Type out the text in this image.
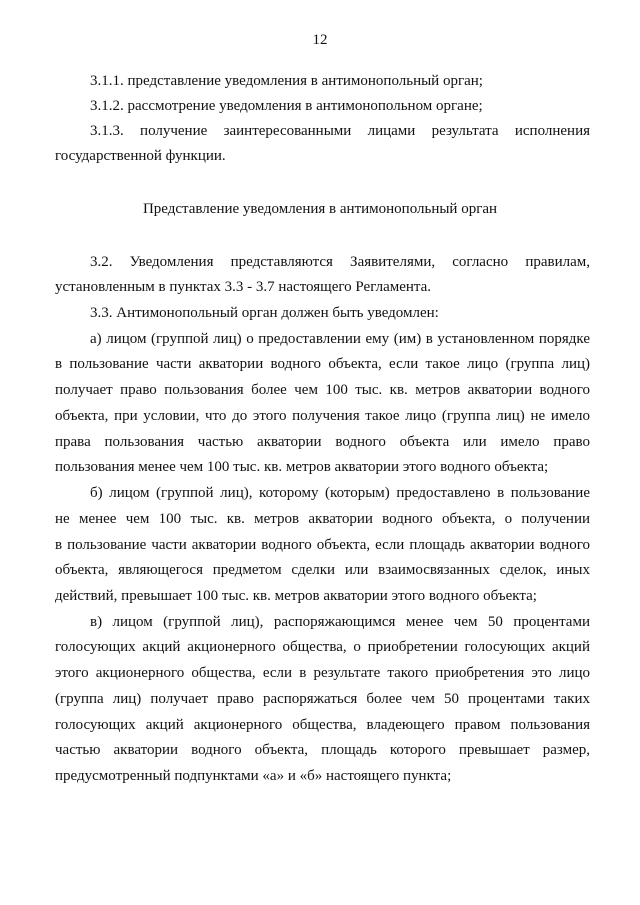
12
3.1.1. представление уведомления в антимонопольный орган;
3.1.2. рассмотрение уведомления в антимонопольном органе;
3.1.3. получение заинтересованными лицами результата исполнения
государственной функции.
Представление уведомления в антимонопольный орган
3.2. Уведомления представляются Заявителями, согласно правилам,
установленным в пунктах 3.3 - 3.7 настоящего Регламента.
3.3. Антимонопольный орган должен быть уведомлен:
а) лицом (группой лиц) о предоставлении ему (им) в установленном порядке
в пользование части акватории водного объекта, если такое лицо (группа лиц)
получает право пользования более чем 100 тыс. кв. метров акватории водного
объекта, при условии, что до этого получения такое лицо (группа лиц) не имело
права пользования частью акватории водного объекта или имело право
пользования менее чем 100 тыс. кв. метров акватории этого водного объекта;
б) лицом (группой лиц), которому (которым) предоставлено в пользование
не менее чем 100 тыс. кв. метров акватории водного объекта, о получении
в пользование части акватории водного объекта, если площадь акватории водного
объекта, являющегося предметом сделки или взаимосвязанных сделок, иных
действий, превышает 100 тыс. кв. метров акватории этого водного объекта;
в) лицом (группой лиц), распоряжающимся менее чем 50 процентами
голосующих акций акционерного общества, о приобретении голосующих акций
этого акционерного общества, если в результате такого приобретения это лицо
(группа лиц) получает право распоряжаться более чем 50 процентами таких
голосующих акций акционерного общества, владеющего правом пользования
частью акватории водного объекта, площадь которого превышает размер,
предусмотренный подпунктами «а» и «б» настоящего пункта;
